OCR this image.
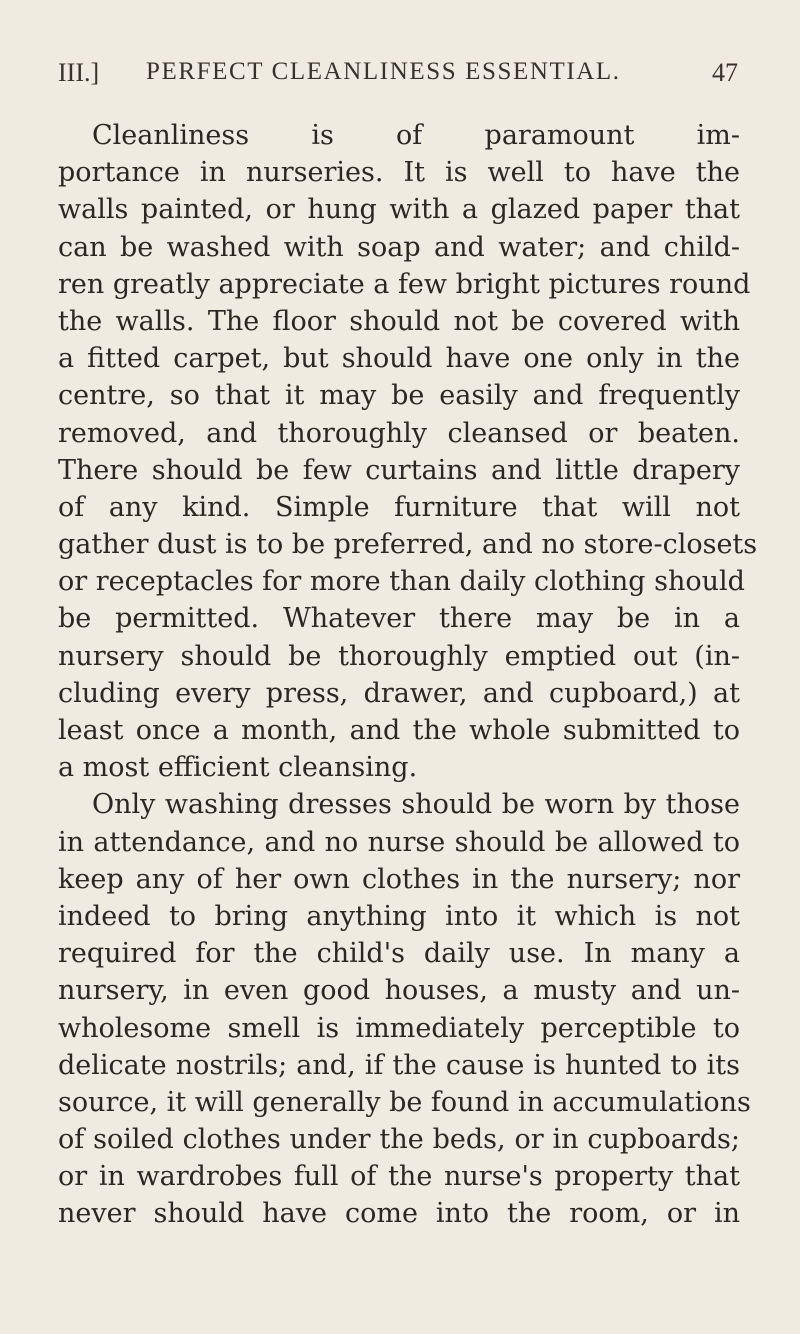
III.] PERFECT CLEANLINESS ESSENTIAL.	47
Cleanliness is of paramount im-
portance in nurseries. It is well to have the
walls painted, or hung with a glazed paper that
can be washed with soap and water; and child-
ren greatly appreciate a few bright pictures round
the walls. The floor should not be covered with
a fitted carpet, but should have one only in the
centre, so that it may be easily and frequently
removed, and thoroughly cleansed or beaten.
There should be few curtains and little drapery
of any kind. Simple furniture that will not
gather dust is to be preferred, and no store-closets
or receptacles for more than daily clothing should
be permitted. Whatever there may be in a
nursery should be thoroughly emptied out (in-
cluding every press, drawer, and cupboard,) at
least once a month, and the whole submitted to
a most efficient cleansing.
Only washing dresses should be worn by those
in attendance, and no nurse should be allowed to
keep any of her own clothes in the nursery; nor
indeed to bring anything into it which is not
required for the child's daily use. In many a
nursery, in even good houses, a musty and un-
wholesome smell is immediately perceptible to
delicate nostrils; and, if the cause is hunted to its
source, it will generally be found in accumulations
of soiled clothes under the beds, or in cupboards;
or in wardrobes full of the nurse's property that
never should have come into the room, or in
